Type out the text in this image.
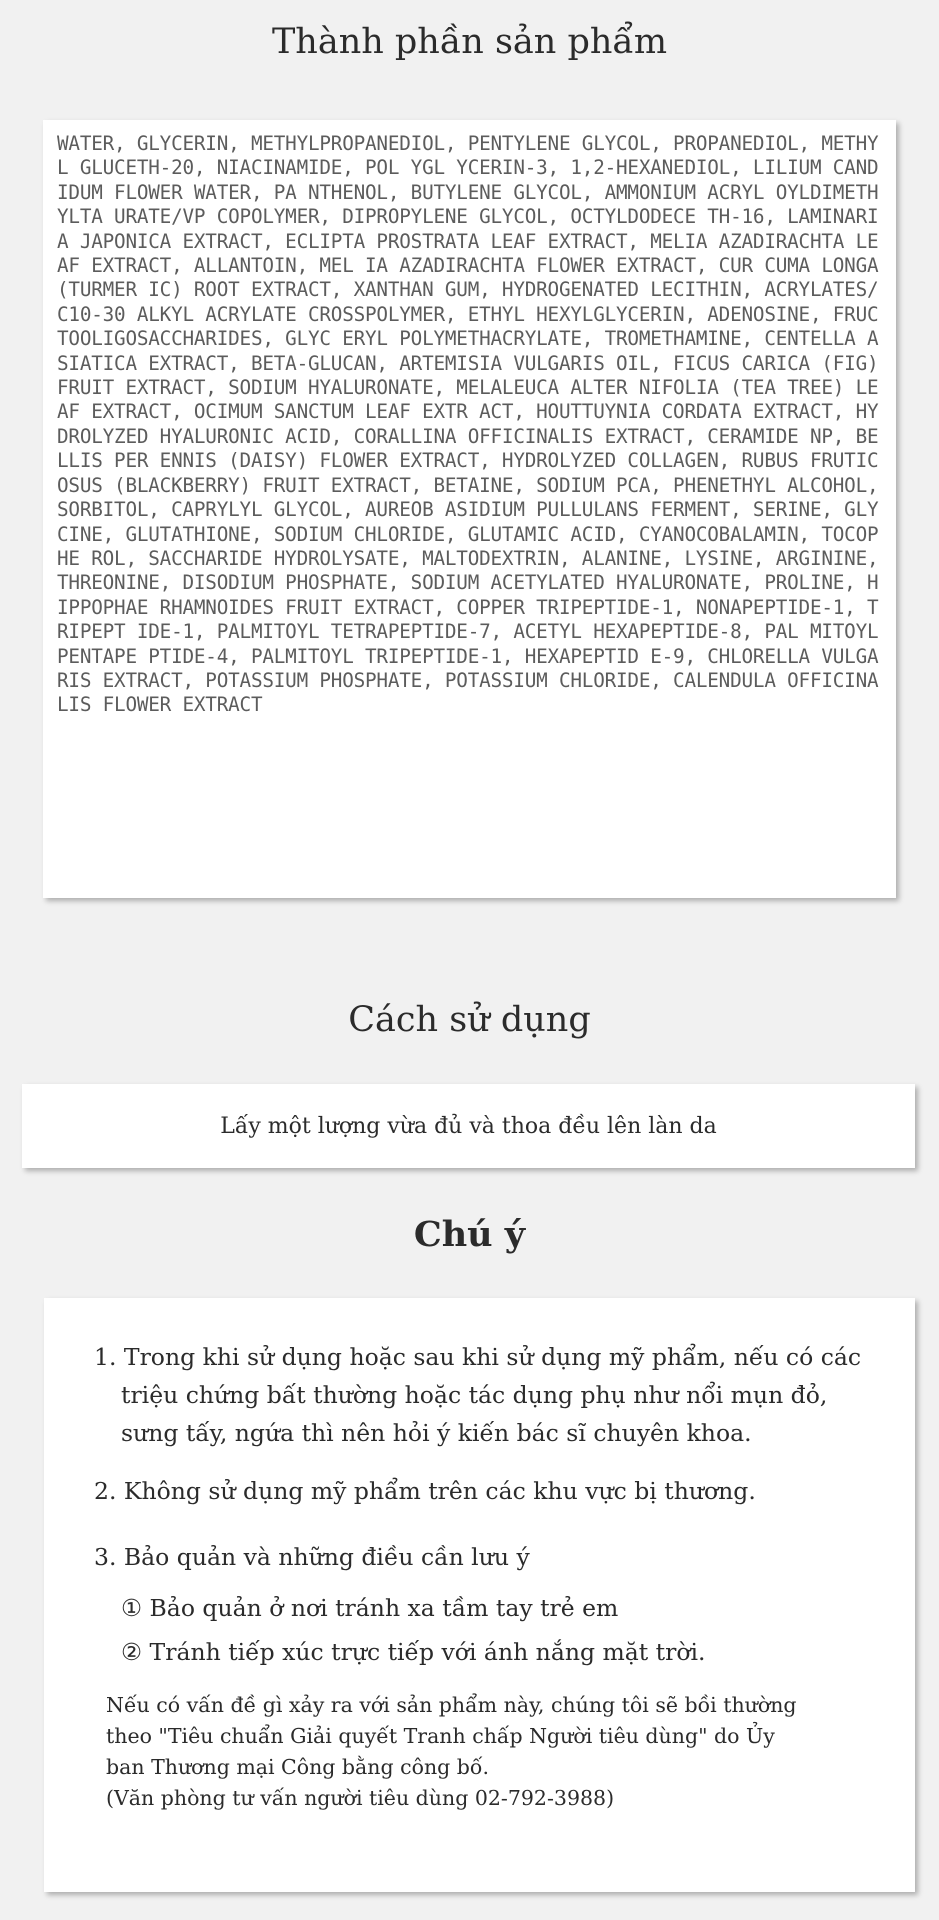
Thành phần sản phẩm

WATER, GLYCERIN, METHYLPROPANEDIOL, PENTYLENE GLYCOL, PROPANEDIOL, METHYL GLUCETH-20, NIACINAMIDE, POL YGL YCERIN-3, 1,2-HEXANEDIOL, LILIUM CANDIDUM FLOWER WATER, PA NTHENOL, BUTYLENE GLYCOL, AMMONIUM ACRYL OYLDIMETHYLTA URATE/VP COPOLYMER, DIPROPYLENE GLYCOL, OCTYLDODECE TH-16, LAMINARIA JAPONICA EXTRACT, ECLIPTA PROSTRATA LEAF EXTRACT, MELIA AZADIRACHTA LEAF EXTRACT, ALLANTOIN, MEL IA AZADIRACHTA FLOWER EXTRACT, CUR CUMA LONGA (TURMER IC) ROOT EXTRACT, XANTHAN GUM, HYDROGENATED LECITHIN, ACRYLATES/C10-30 ALKYL ACRYLATE CROSSPOLYMER, ETHYL HEXYLGLYCERIN, ADENOSINE, FRUCTOOLIGOSACCHARIDES, GLYC ERYL POLYMETHACRYLATE, TROMETHAMINE, CENTELLA ASIATICA EXTRACT, BETA-GLUCAN, ARTEMISIA VULGARIS OIL, FICUS CARICA (FIG) FRUIT EXTRACT, SODIUM HYALURONATE, MELALEUCA ALTER NIFOLIA (TEA TREE) LEAF EXTRACT, OCIMUM SANCTUM LEAF EXTR ACT, HOUTTUYNIA CORDATA EXTRACT, HYDROLYZED HYALURONIC ACID, CORALLINA OFFICINALIS EXTRACT, CERAMIDE NP, BELLIS PER ENNIS (DAISY) FLOWER EXTRACT, HYDROLYZED COLLAGEN, RUBUS FRUTICOSUS (BLACKBERRY) FRUIT EXTRACT, BETAINE, SODIUM PCA, PHENETHYL ALCOHOL, SORBITOL, CAPRYLYL GLYCOL, AUREOB ASIDIUM PULLULANS FERMENT, SERINE, GLYCINE, GLUTATHIONE, SODIUM CHLORIDE, GLUTAMIC ACID, CYANOCOBALAMIN, TOCOPHE ROL, SACCHARIDE HYDROLYSATE, MALTODEXTRIN, ALANINE, LYSINE, ARGININE, THREONINE, DISODIUM PHOSPHATE, SODIUM ACETYLATED HYALURONATE, PROLINE, HIPPOPHAE RHAMNOIDES FRUIT EXTRACT, COPPER TRIPEPTIDE-1, NONAPEPTIDE-1, TRIPEPT IDE-1, PALMITOYL TETRAPEPTIDE-7, ACETYL HEXAPEPTIDE-8, PAL MITOYL PENTAPE PTIDE-4, PALMITOYL TRIPEPTIDE-1, HEXAPEPTID E-9, CHLORELLA VULGARIS EXTRACT, POTASSIUM PHOSPHATE, POTASSIUM CHLORIDE, CALENDULA OFFICINALIS FLOWER EXTRACT

Cách sử dụng
Lấy một lượng vừa đủ và thoa đều lên làn da
Chú ý
1. Trong khi sử dụng hoặc sau khi sử dụng mỹ phẩm, nếu có các triệu chứng bất thường hoặc tác dụng phụ như nổi mụn đỏ, sưng tấy, ngứa thì nên hỏi ý kiến bác sĩ chuyên khoa.
2. Không sử dụng mỹ phẩm trên các khu vực bị thương.
3. Bảo quản và những điều cần lưu ý
① Bảo quản ở nơi tránh xa tầm tay trẻ em
② Tránh tiếp xúc trực tiếp với ánh nắng mặt trời.
Nếu có vấn đề gì xảy ra với sản phẩm này, chúng tôi sẽ bồi thường theo "Tiêu chuẩn Giải quyết Tranh chấp Người tiêu dùng" do Ủy ban Thương mại Công bằng công bố.
(Văn phòng tư vấn người tiêu dùng 02-792-3988)
